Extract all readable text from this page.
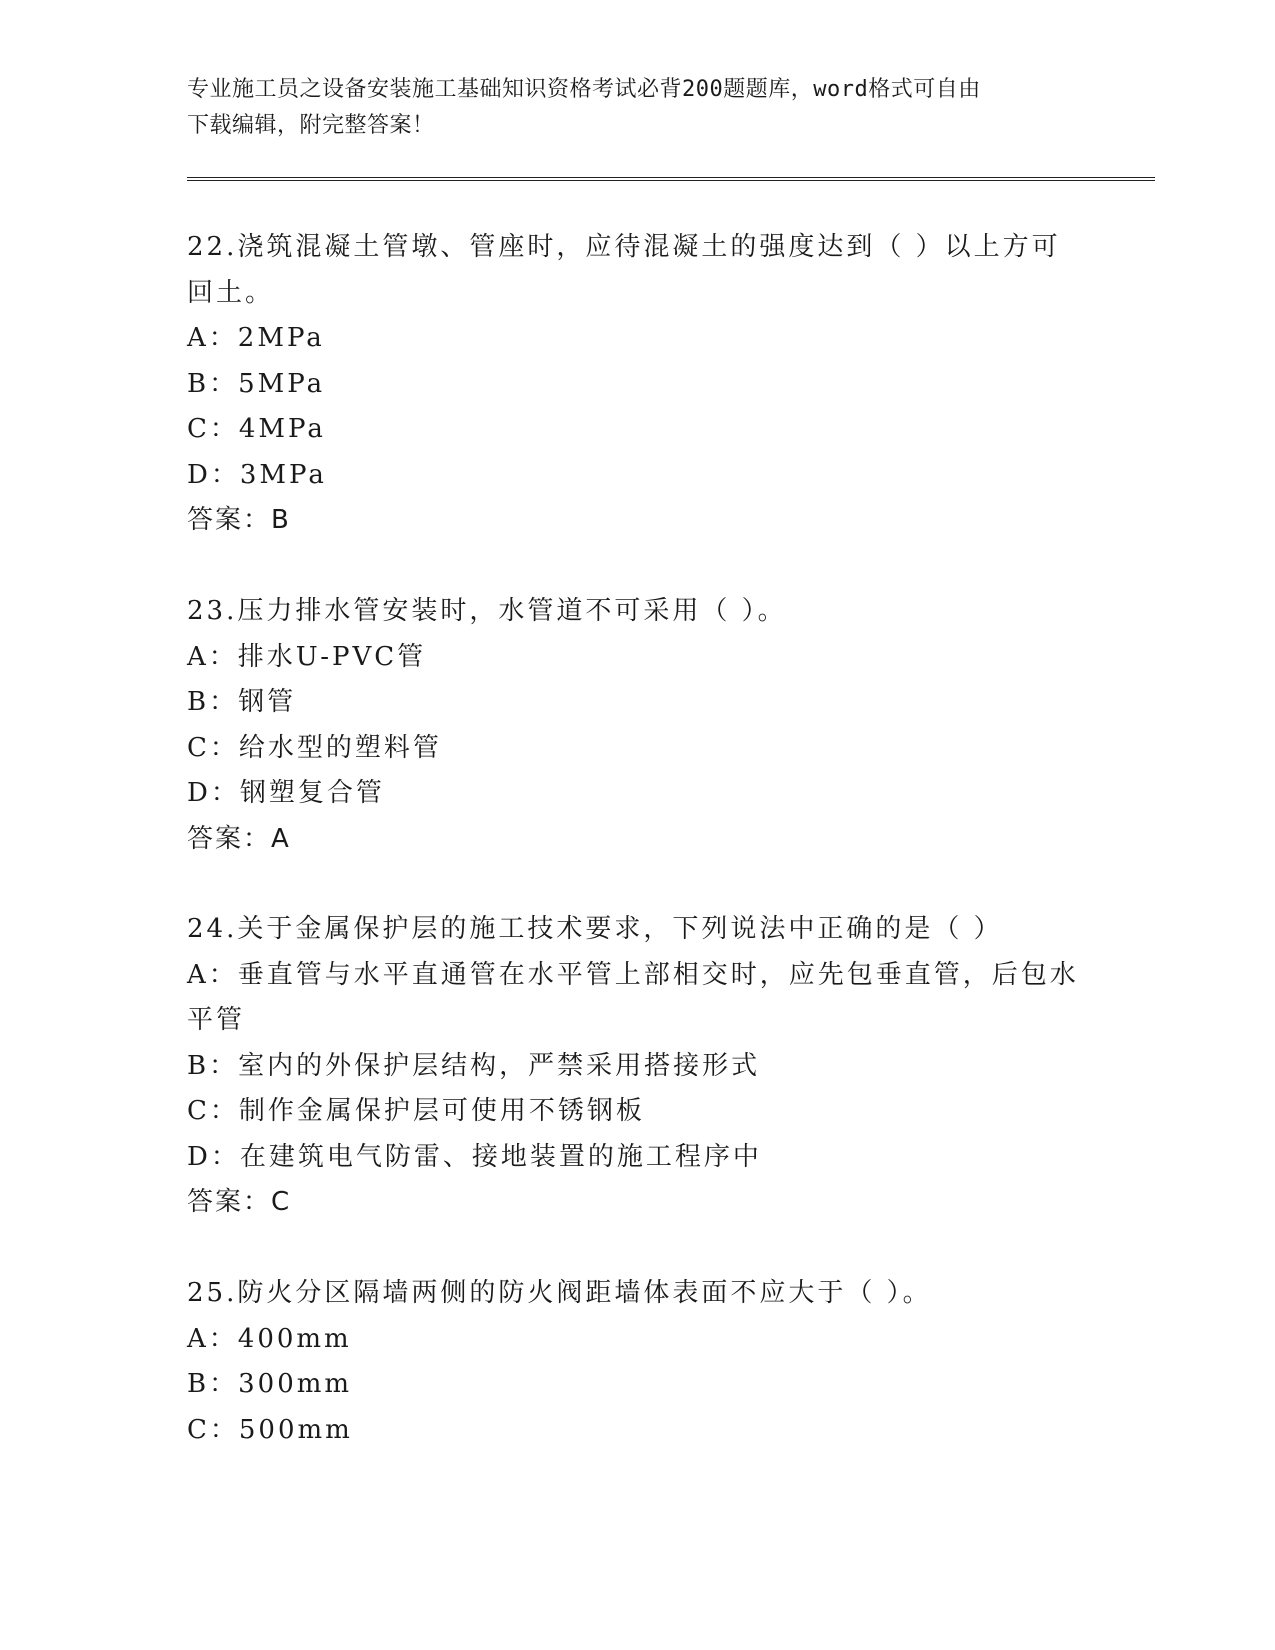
专业施工员之设备安装施工基础知识资格考试必背200题题库，word格式可自由
下载编辑，附完整答案！
22.浇筑混凝土管墩、管座时，应待混凝土的强度达到（ ）以上方可
回土。
A：2MPa
B：5MPa
C：4MPa
D：3MPa
答案：B
23.压力排水管安装时，水管道不可采用（ ）。
A：排水U-PVC管
B：钢管
C：给水型的塑料管
D：钢塑复合管
答案：A
24.关于金属保护层的施工技术要求，下列说法中正确的是（ ）
A：垂直管与水平直通管在水平管上部相交时，应先包垂直管，后包水
平管
B：室内的外保护层结构，严禁采用搭接形式
C：制作金属保护层可使用不锈钢板
D：在建筑电气防雷、接地装置的施工程序中
答案：C
25.防火分区隔墙两侧的防火阀距墙体表面不应大于（ ）。
A：400mm
B：300mm
C：500mm
